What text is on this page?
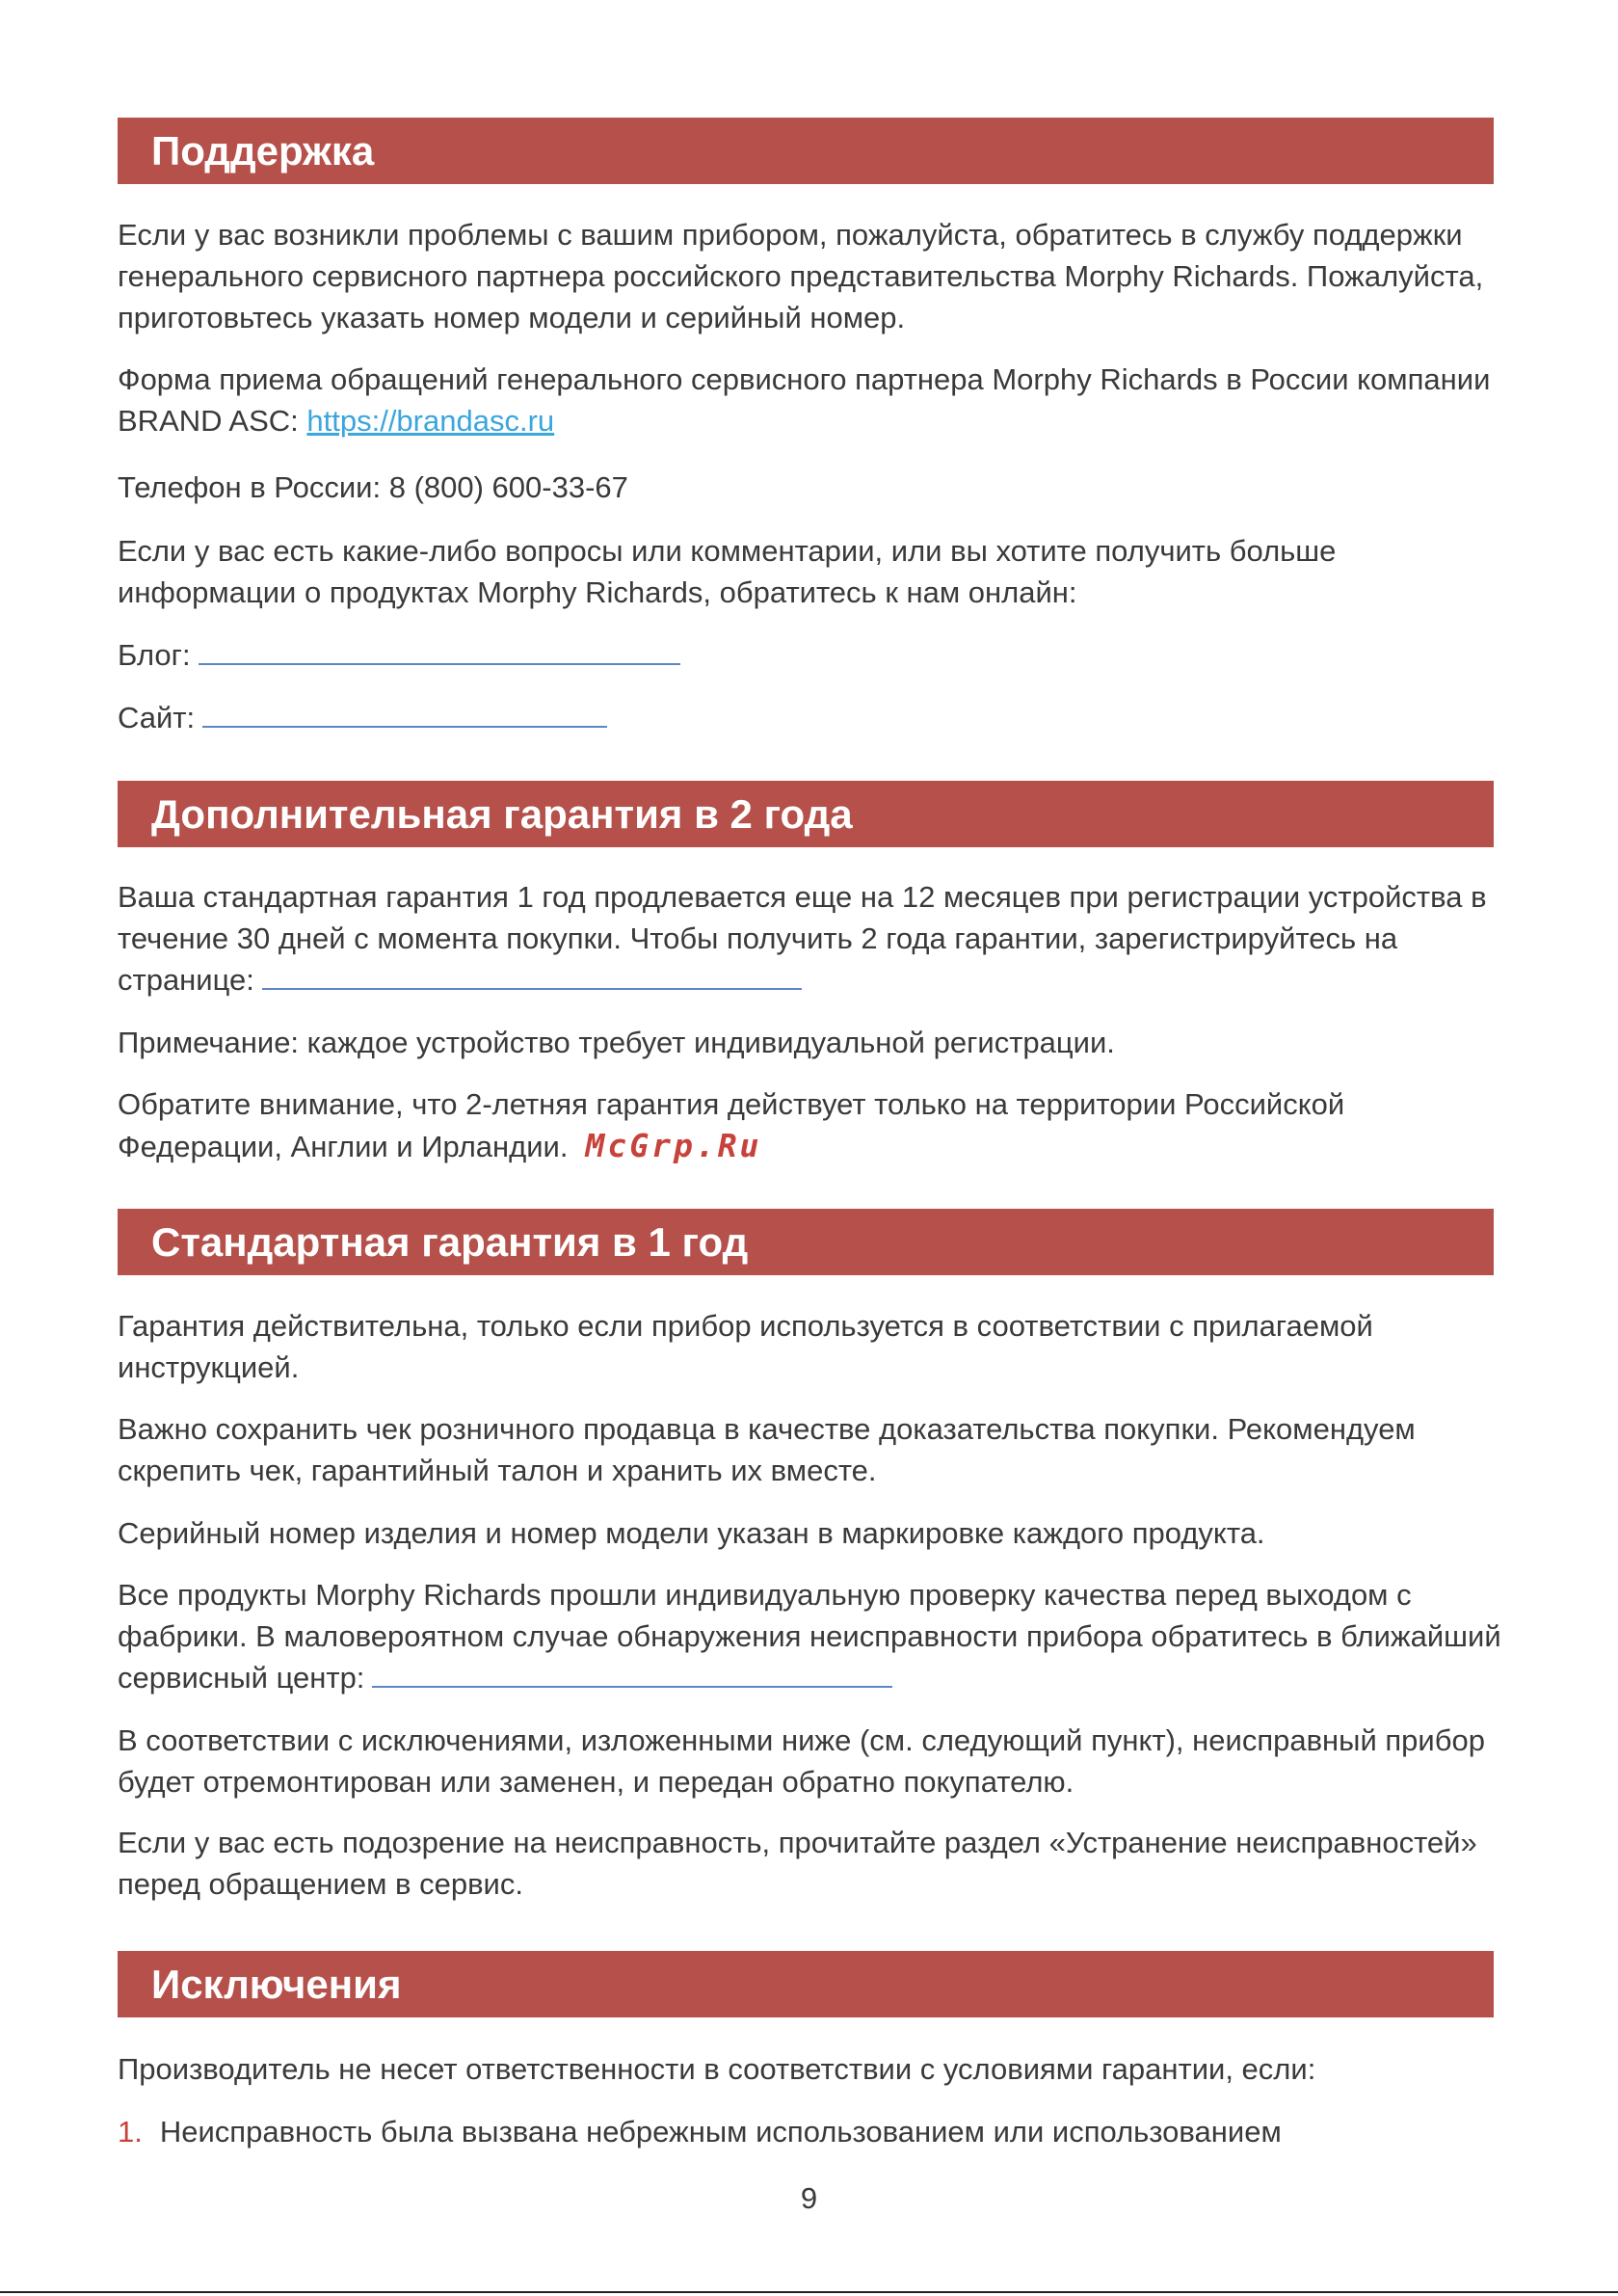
Поддержка

Если у вас возникли проблемы с вашим прибором, пожалуйста, обратитесь в службу поддержки генерального сервисного партнера российского представительства Morphy Richards. Пожалуйста, приготовьтесь указать номер модели и серийный номер.

Форма приема обращений генерального сервисного партнера Morphy Richards в России компании BRAND ASC: https://brandasc.ru

Телефон в России: 8 (800) 600-33-67

Если у вас есть какие-либо вопросы или комментарии, или вы хотите получить больше информации о продуктах Morphy Richards, обратитесь к нам онлайн:

Блог:

Сайт:

Дополнительная гарантия в 2 года

Ваша стандартная гарантия 1 год продлевается еще на 12 месяцев при регистрации устройства в течение 30 дней с момента покупки. Чтобы получить 2 года гарантии, зарегистрируйтесь на странице:

Примечание: каждое устройство требует индивидуальной регистрации.

Обратите внимание, что 2-летняя гарантия действует только на территории Российской Федерации, Англии и Ирландии. McGrp.Ru

Стандартная гарантия в 1 год

Гарантия действительна, только если прибор используется в соответствии с прилагаемой инструкцией.

Важно сохранить чек розничного продавца в качестве доказательства покупки. Рекомендуем скрепить чек, гарантийный талон и хранить их вместе.

Серийный номер изделия и номер модели указан в маркировке каждого продукта.

Все продукты Morphy Richards прошли индивидуальную проверку качества перед выходом с фабрики. В маловероятном случае обнаружения неисправности прибора обратитесь в ближайший сервисный центр:

В соответствии с исключениями, изложенными ниже (см. следующий пункт), неисправный прибор будет отремонтирован или заменен, и передан обратно покупателю.

Если у вас есть подозрение на неисправность, прочитайте раздел «Устранение неисправностей» перед обращением в сервис.

Исключения

Производитель не несет ответственности в соответствии с условиями гарантии, если:

1. Неисправность была вызвана небрежным использованием или использованием

9
